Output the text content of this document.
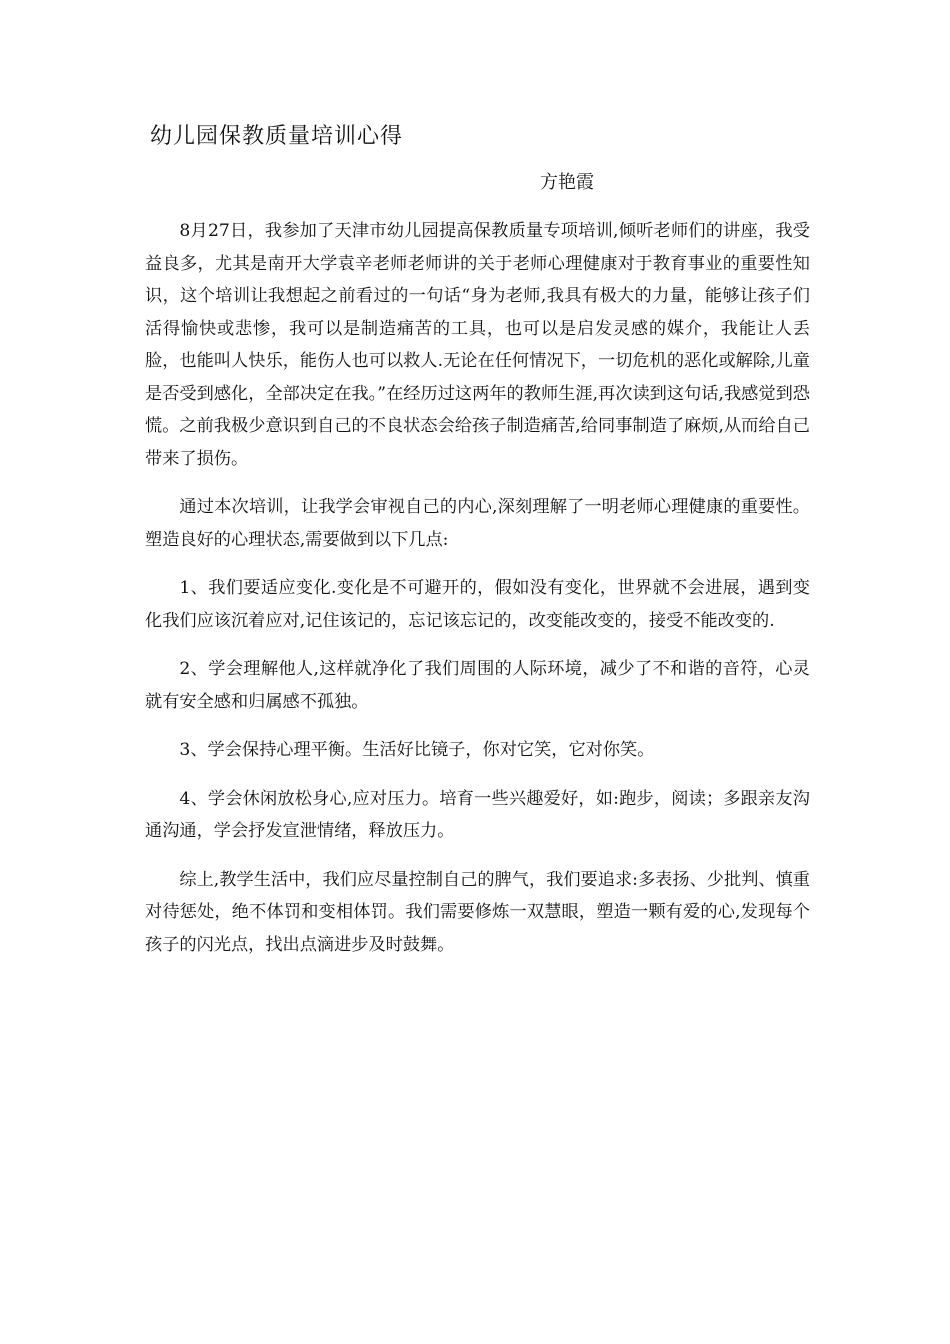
幼儿园保教质量培训心得

方艳霞

8月27日，我参加了天津市幼儿园提高保教质量专项培训,倾听老师们的讲座，我受益良多，尤其是南开大学袁辛老师老师讲的关于老师心理健康对于教育事业的重要性知识，这个培训让我想起之前看过的一句话“身为老师,我具有极大的力量，能够让孩子们活得愉快或悲惨，我可以是制造痛苦的工具，也可以是启发灵感的媒介，我能让人丢脸，也能叫人快乐，能伤人也可以救人.无论在任何情况下，一切危机的恶化或解除,儿童是否受到感化，全部决定在我。”在经历过这两年的教师生涯,再次读到这句话,我感觉到恐慌。之前我极少意识到自己的不良状态会给孩子制造痛苦,给同事制造了麻烦,从而给自己带来了损伤。

通过本次培训，让我学会审视自己的内心,深刻理解了一明老师心理健康的重要性。塑造良好的心理状态,需要做到以下几点:

1、我们要适应变化.变化是不可避开的，假如没有变化，世界就不会进展，遇到变化我们应该沉着应对,记住该记的，忘记该忘记的，改变能改变的，接受不能改变的.

2、学会理解他人,这样就净化了我们周围的人际环境，减少了不和谐的音符，心灵就有安全感和归属感不孤独。

3、学会保持心理平衡。生活好比镜子，你对它笑，它对你笑。

4、学会休闲放松身心,应对压力。培育一些兴趣爱好，如:跑步，阅读；多跟亲友沟通沟通，学会抒发宣泄情绪，释放压力。

综上,教学生活中，我们应尽量控制自己的脾气，我们要追求:多表扬、少批判、慎重对待惩处，绝不体罚和变相体罚。我们需要修炼一双慧眼，塑造一颗有爱的心,发现每个孩子的闪光点，找出点滴进步及时鼓舞。
